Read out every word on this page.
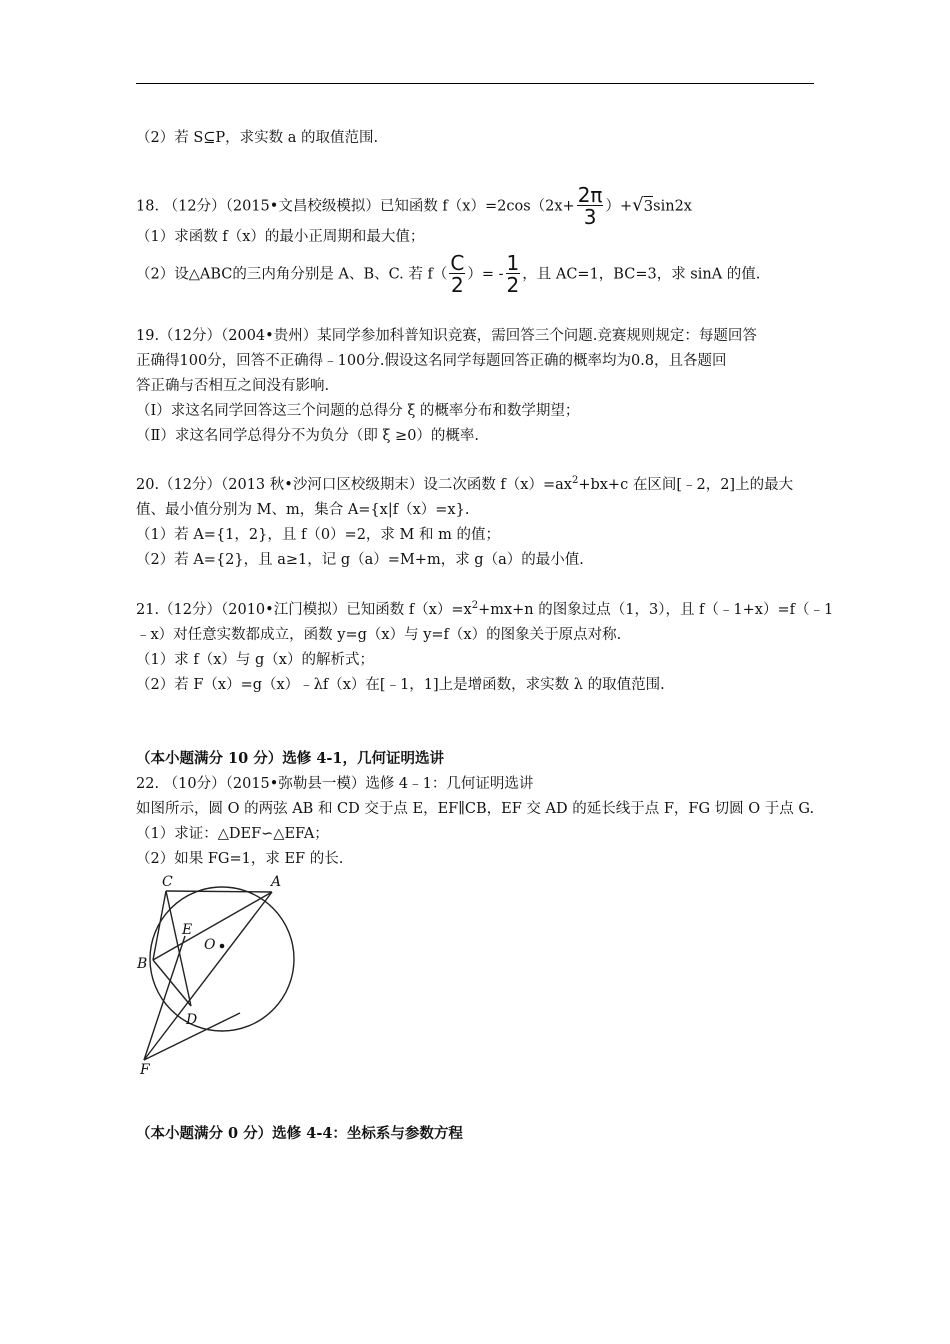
（2）若 S⊆P，求实数 a 的取值范围.
18. （12分）（2015•文昌校级模拟）已知函数 $f(x)=2\cos(2x+ \frac{2\pi}{3} )+√3\sin 2x$
（1）求函数 f（x）的最小正周期和最大值；
（2）设△ABC的三内角分别是 A、B、C. 若 $f( \frac{C}{2}$ ）= - $\frac{1}{2}$ ，且 AC=1，BC=3，求 sinA 的值.
19.（12分）（2004•贵州）某同学参加科普知识竞赛，需回答三个问题.竞赛规则规定：每题回答
正确得100分，回答不正确得﹣100分.假设这名同学每题回答正确的概率均为0.8，且各题回
答正确与否相互之间没有影响.
（Ⅰ）求这名同学回答这三个问题的总得分 ξ 的概率分布和数学期望；
（Ⅱ）求这名同学总得分不为负分（即 ξ ≥0）的概率.
20.（12分）（2013 秋•沙河口区校级期末）设二次函数 $f(x)=ax^2+bx+c$ 在区间[﹣2，2]上的最大
值、最小值分别为 M、m，集合 A={x|f（x）=x}.
（1）若 A={1，2}，且 f（0）=2，求 M 和 m 的值；
（2）若 A={2}，且 a≥1，记 g（a）=M+m，求 g（a）的最小值.
21.（12分）（2010•江门模拟）已知函数 $f(x)=x^2+mx+n$ 的图象过点（1，3），且 f（﹣1+x）=f（﹣1
﹣x）对任意实数都成立，函数 y=g（x）与 y=f（x）的图象关于原点对称.
（1）求 f（x）与 g（x）的解析式；
（2）若 F（x）=g（x）﹣λf（x）在[﹣1，1]上是增函数，求实数 λ 的取值范围.
（本小题满分 10 分）选修 4-1，几何证明选讲
22. （10分）（2015•弥勒县一模）选修 4﹣1：几何证明选讲
如图所示，圆 O 的两弦 AB 和 CD 交于点 E，EF∥CB，EF 交 AD 的延长线于点 F，FG 切圆 O 于点 G.
（1）求证：△DEF∽△EFA；
（2）如果 FG=1，求 EF 的长.
C	A
E
O
B
D
F
（本小题满分 0 分）选修 4-4：坐标系与参数方程
